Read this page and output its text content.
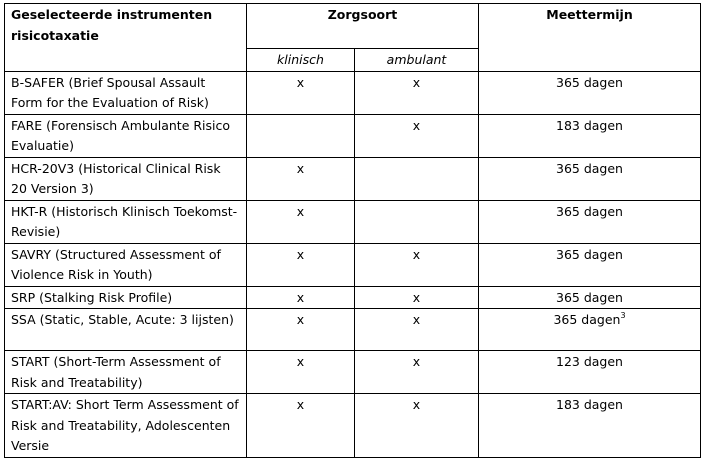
Geselecteerde instrumenten risicotaxatie	Zorgsoort		Meettermijn
	klinisch	ambulant	
B-SAFER (Brief Spousal Assault Form for the Evaluation of Risk)	x	x	365 dagen
FARE (Forensisch Ambulante Risico Evaluatie)		x	183 dagen
HCR-20V3 (Historical Clinical Risk 20 Version 3)	x		365 dagen
HKT-R (Historisch Klinisch Toekomst- Revisie)	x		365 dagen
SAVRY (Structured Assessment of Violence Risk in Youth)	x	x	365 dagen
SRP (Stalking Risk Profile)	x	x	365 dagen
SSA (Static, Stable, Acute: 3 lijsten)	x	x	365 dagen$^3$
START (Short-Term Assessment of Risk and Treatability)	x	x	123 dagen
START:AV: Short Term Assessment of Risk and Treatability, Adolescenten Versie	x	x	183 dagen
